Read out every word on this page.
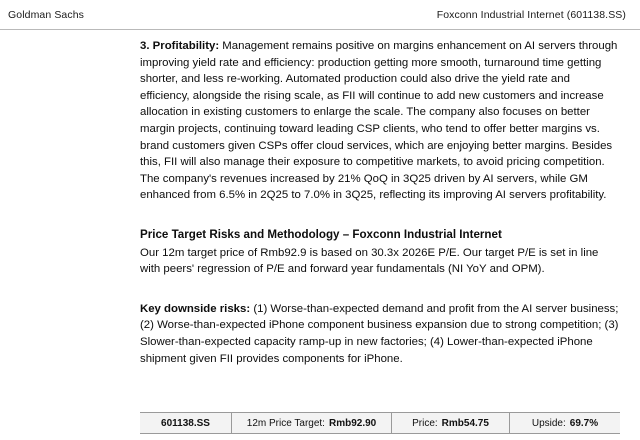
Goldman Sachs	Foxconn Industrial Internet (601138.SS)

3. Profitability: Management remains positive on margins enhancement on AI servers through improving yield rate and efficiency: production getting more smooth, turnaround time getting shorter, and less re-working. Automated production could also drive the yield rate and efficiency, alongside the rising scale, as FII will continue to add new customers and increase allocation in existing customers to enlarge the scale. The company also focuses on better margin projects, continuing toward leading CSP clients, who tend to offer better margins vs. brand customers given CSPs offer cloud services, which are enjoying better margins. Besides this, FII will also manage their exposure to competitive markets, to avoid pricing competition. The company's revenues increased by 21% QoQ in 3Q25 driven by AI servers, while GM enhanced from 6.5% in 2Q25 to 7.0% in 3Q25, reflecting its improving AI servers profitability.

Price Target Risks and Methodology – Foxconn Industrial Internet

Our 12m target price of Rmb92.9 is based on 30.3x 2026E P/E. Our target P/E is set in line with peers' regression of P/E and forward year fundamentals (NI YoY and OPM).

Key downside risks: (1) Worse-than-expected demand and profit from the AI server business; (2) Worse-than-expected iPhone component business expansion due to strong competition; (3) Slower-than-expected capacity ramp-up in new factories; (4) Lower-than-expected iPhone shipment given FII provides components for iPhone.

601138.SS	12m Price Target: Rmb92.90	Price: Rmb54.75	Upside: 69.7%
